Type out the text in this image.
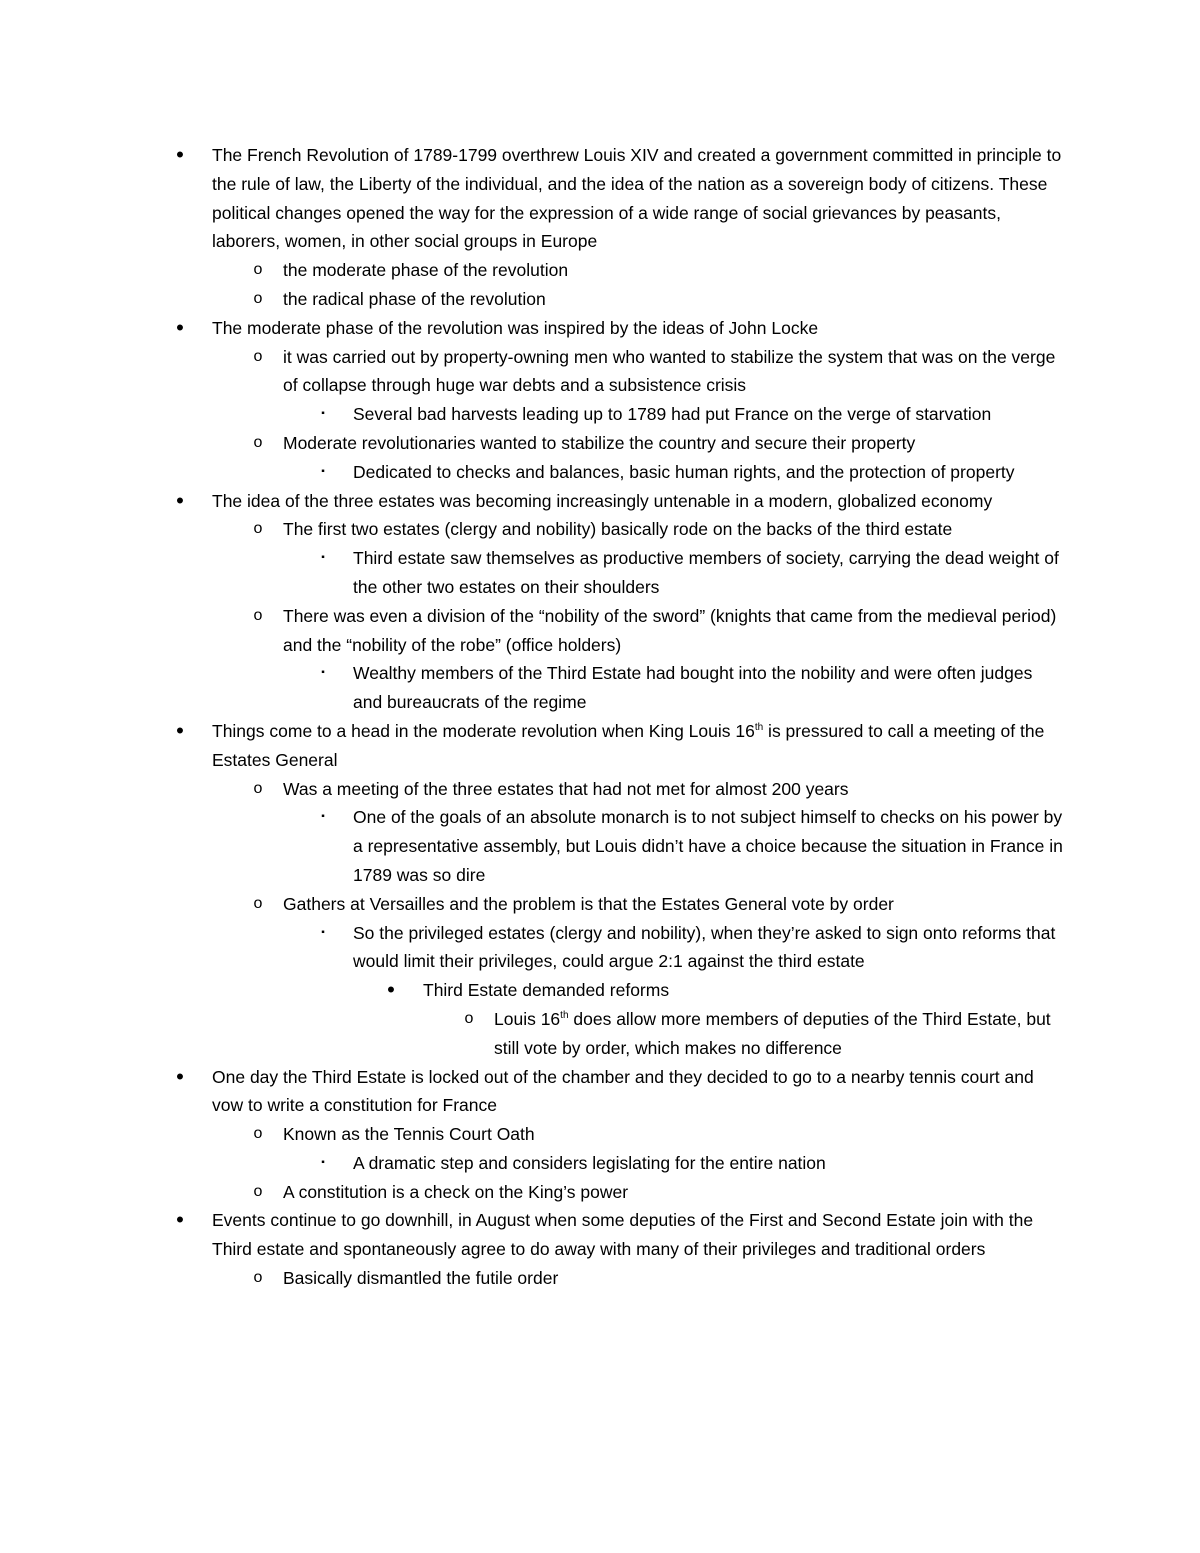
•	The French Revolution of 1789-1799 overthrew Louis XIV and created a government committed in principle to the rule of law, the Liberty of the individual, and the idea of the nation as a sovereign body of citizens. These political changes opened the way for the expression of a wide range of social grievances by peasants, laborers, women, in other social groups in Europe
o	the moderate phase of the revolution
o	the radical phase of the revolution
•	The moderate phase of the revolution was inspired by the ideas of John Locke
o	it was carried out by property-owning men who wanted to stabilize the system that was on the verge of collapse through huge war debts and a subsistence crisis
▪	Several bad harvests leading up to 1789 had put France on the verge of starvation
o	Moderate revolutionaries wanted to stabilize the country and secure their property
▪	Dedicated to checks and balances, basic human rights, and the protection of property
•	The idea of the three estates was becoming increasingly untenable in a modern, globalized economy
o	The first two estates (clergy and nobility) basically rode on the backs of the third estate
▪	Third estate saw themselves as productive members of society, carrying the dead weight of the other two estates on their shoulders
o	There was even a division of the “nobility of the sword” (knights that came from the medieval period) and the “nobility of the robe” (office holders)
▪	Wealthy members of the Third Estate had bought into the nobility and were often judges and bureaucrats of the regime
•	Things come to a head in the moderate revolution when King Louis 16th is pressured to call a meeting of the Estates General
o	Was a meeting of the three estates that had not met for almost 200 years
▪	One of the goals of an absolute monarch is to not subject himself to checks on his power by a representative assembly, but Louis didn’t have a choice because the situation in France in 1789 was so dire
o	Gathers at Versailles and the problem is that the Estates General vote by order
▪	So the privileged estates (clergy and nobility), when they’re asked to sign onto reforms that would limit their privileges, could argue 2:1 against the third estate
•	Third Estate demanded reforms
o	Louis 16th does allow more members of deputies of the Third Estate, but still vote by order, which makes no difference
•	One day the Third Estate is locked out of the chamber and they decided to go to a nearby tennis court and vow to write a constitution for France
o	Known as the Tennis Court Oath
▪	A dramatic step and considers legislating for the entire nation
o	A constitution is a check on the King’s power
•	Events continue to go downhill, in August when some deputies of the First and Second Estate join with the Third estate and spontaneously agree to do away with many of their privileges and traditional orders
o	Basically dismantled the futile order
